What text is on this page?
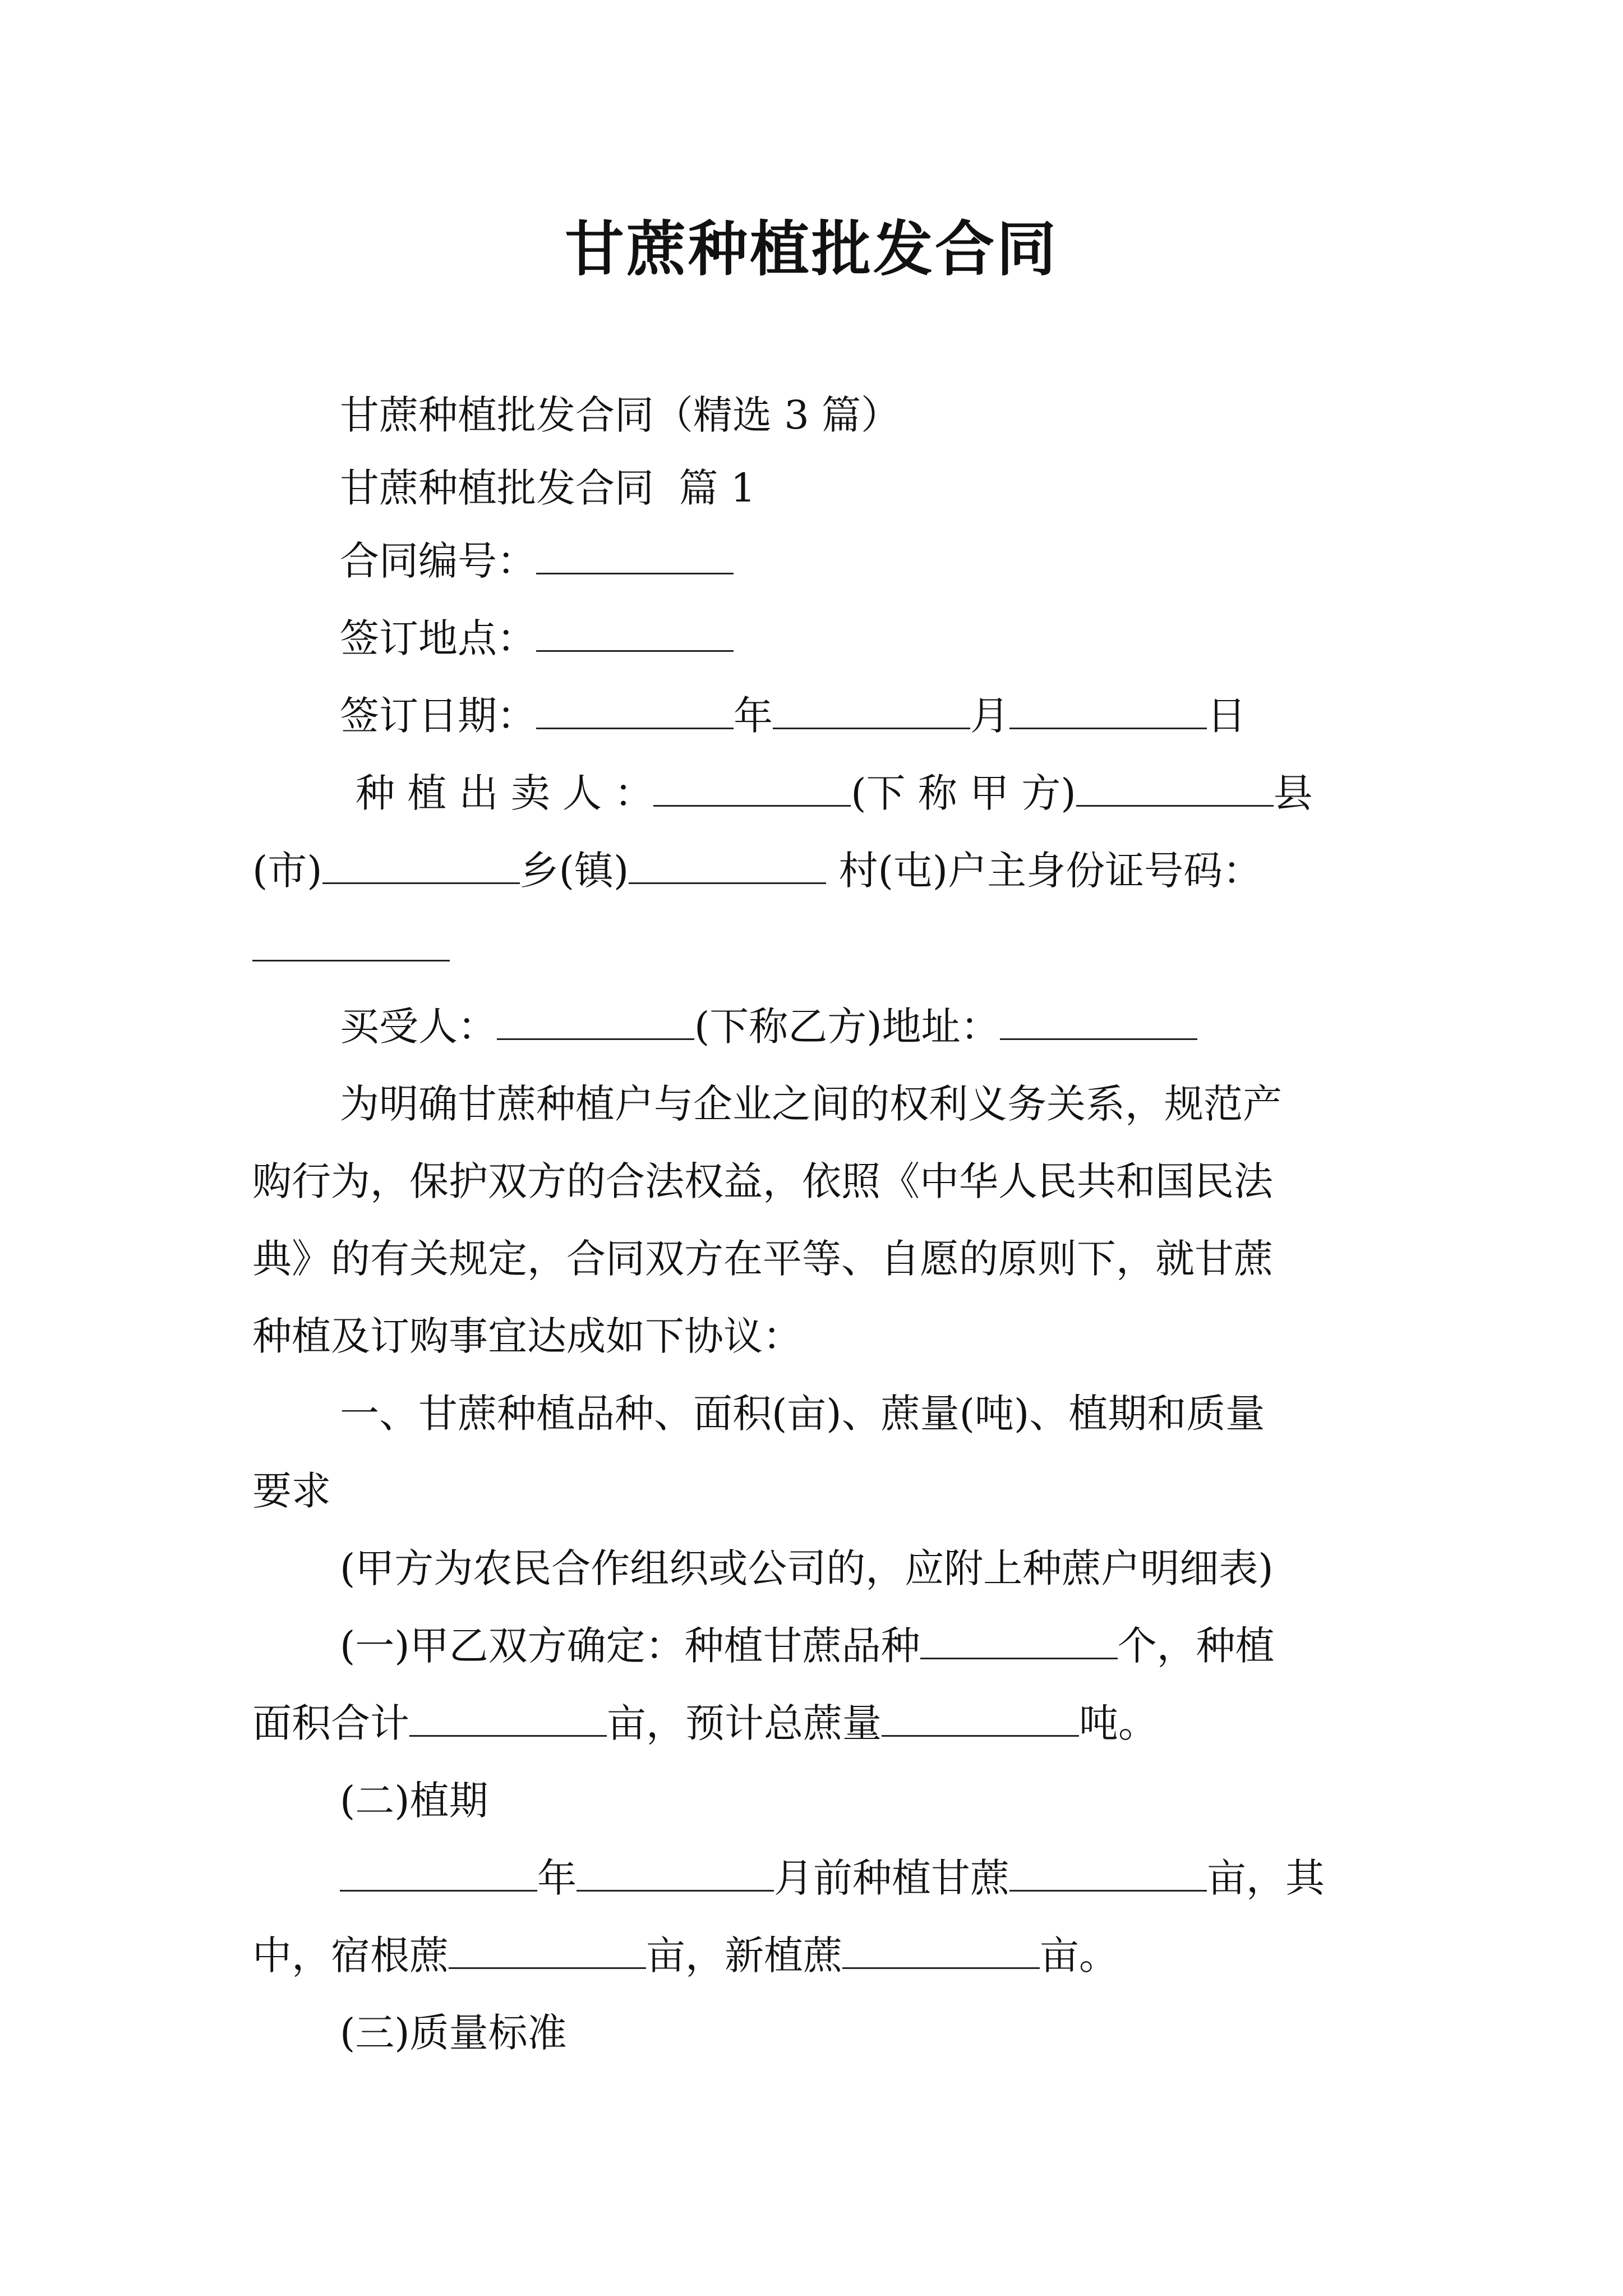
甘蔗种植批发合同
甘蔗种植批发合同（精选 3 篇）
甘蔗种植批发合同  篇 1
合同编号：
签订地点：
签订日期：	年	月	日
种 植 出 卖 人 ：	(下 称 甲 方)	县
(市)	乡(镇)	村(屯)户主身份证号码：
买受人：	(下称乙方)地址：
为明确甘蔗种植户与企业之间的权利义务关系，规范产
购行为，保护双方的合法权益，依照《中华人民共和国民法
典》的有关规定，合同双方在平等、自愿的原则下，就甘蔗
种植及订购事宜达成如下协议：
一、甘蔗种植品种、面积(亩)、蔗量(吨)、植期和质量
要求
(甲方为农民合作组织或公司的，应附上种蔗户明细表)
(一)甲乙双方确定：种植甘蔗品种	个，种植
面积合计	亩，预计总蔗量	吨。
(二)植期
年	月前种植甘蔗	亩，其
中，宿根蔗	亩，新植蔗	亩。
(三)质量标准
